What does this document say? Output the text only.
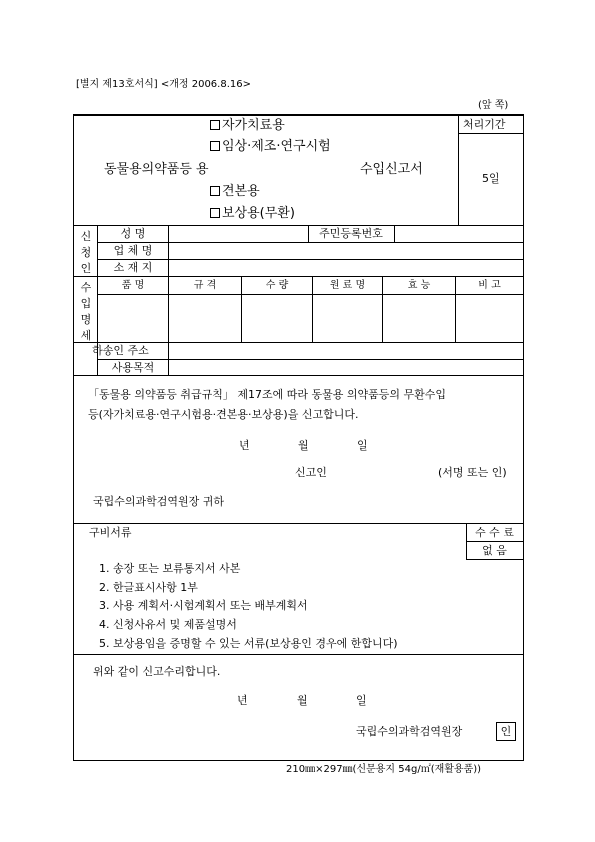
[별지 제13호서식] <개정 2006.8.16>
(앞 쪽)
처리기간
5일
자가치료용
임상·제조·연구시험
견본용
보상용(무환)
동물용의약품등 용	수입신고서
신
청
인
성 명	주민등록번호
업 체 명
소 재 지
수
입
명
세
품 명	규 격	수 량	원 료 명	효 능	비 고
하송인 주소
사용목적
「동물용 의약품등 취급규칙」 제17조에 따라 동물용 의약품등의 무환수입
등(자가치료용·연구시험용·견본용·보상용)을 신고합니다.
년	월	일
신고인	(서명 또는 인)
국립수의과학검역원장 귀하
구비서류	수 수 료
없 음
1. 송장 또는 보류통지서 사본
2. 한글표시사항 1부
3. 사용 계획서·시험계획서 또는 배부계획서
4. 신청사유서 및 제품설명서
5. 보상용임을 증명할 수 있는 서류(보상용인 경우에 한합니다)
위와 같이 신고수리합니다.
년	월	일
국립수의과학검역원장	인
210㎜×297㎜(신문용지 54g/㎡(재활용품))
